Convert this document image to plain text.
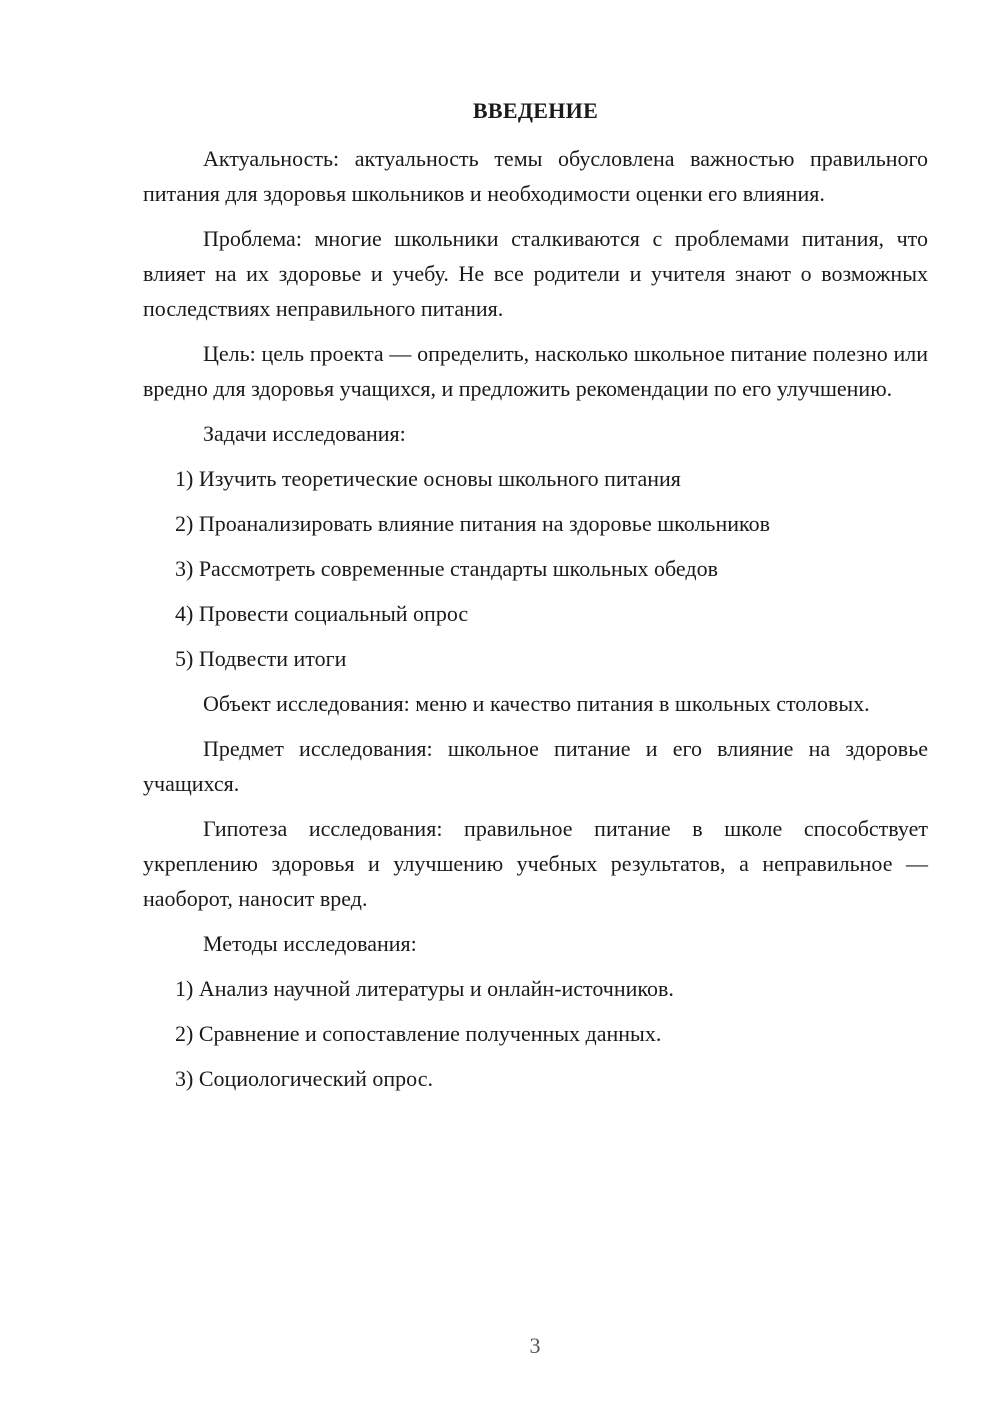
ВВЕДЕНИЕ

Актуальность: актуальность темы обусловлена важностью правильного питания для здоровья школьников и необходимости оценки его влияния.

Проблема: многие школьники сталкиваются с проблемами питания, что влияет на их здоровье и учебу. Не все родители и учителя знают о возможных последствиях неправильного питания.

Цель: цель проекта — определить, насколько школьное питание полезно или вредно для здоровья учащихся, и предложить рекомендации по его улучшению.

Задачи исследования:
1) Изучить теоретические основы школьного питания
2) Проанализировать влияние питания на здоровье школьников
3) Рассмотреть современные стандарты школьных обедов
4) Провести социальный опрос
5) Подвести итоги

Объект исследования: меню и качество питания в школьных столовых.

Предмет исследования: школьное питание и его влияние на здоровье учащихся.

Гипотеза исследования: правильное питание в школе способствует укреплению здоровья и улучшению учебных результатов, а неправильное — наоборот, наносит вред.

Методы исследования:
1) Анализ научной литературы и онлайн-источников.
2) Сравнение и сопоставление полученных данных.
3) Социологический опрос.
3
